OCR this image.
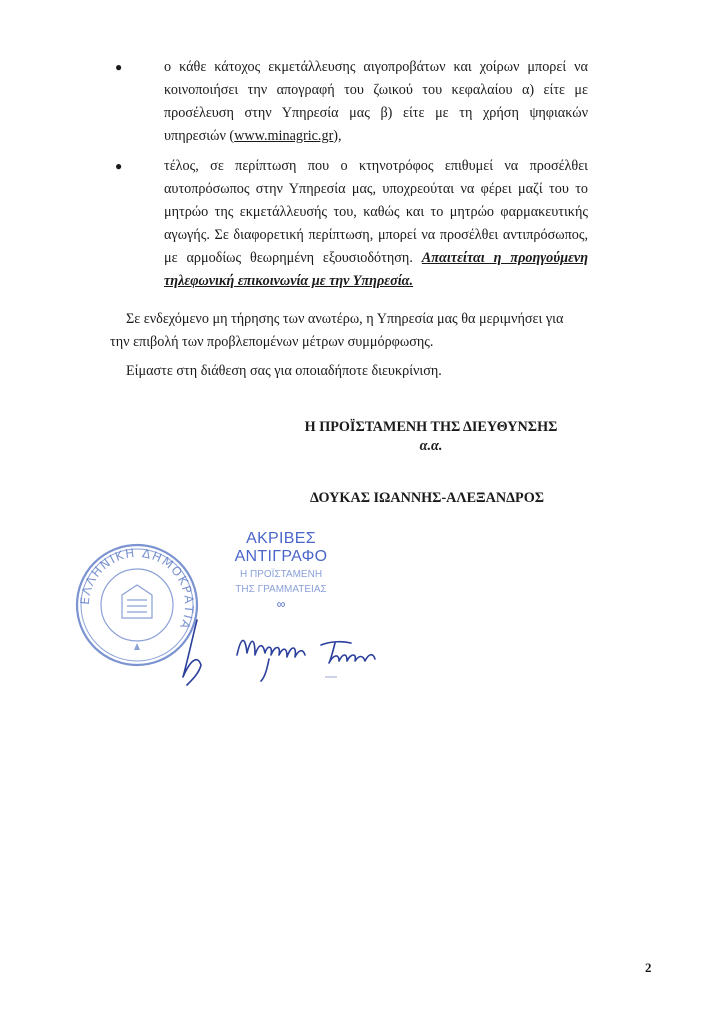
●	ο κάθε κάτοχος εκμετάλλευσης αιγοπροβάτων και χοίρων μπορεί να κοινοποιήσει την απογραφή του ζωικού του κεφαλαίου α) είτε με προσέλευση στην Υπηρεσία μας β) είτε με τη χρήση ψηφιακών υπηρεσιών (www.minagric.gr),

●	τέλος, σε περίπτωση που ο κτηνοτρόφος επιθυμεί να προσέλθει αυτοπρόσωπος στην Υπηρεσία μας, υποχρεούται να φέρει μαζί του το μητρώο της εκμετάλλευσής του, καθώς και το μητρώο φαρμακευτικής αγωγής. Σε διαφορετική περίπτωση, μπορεί να προσέλθει αντιπρόσωπος, με αρμοδίως θεωρημένη εξουσιοδότηση. Απαιτείται η προηγούμενη τηλεφωνική επικοινωνία με την Υπηρεσία.

Σε ενδεχόμενο μη τήρησης των ανωτέρω, η Υπηρεσία μας θα μεριμνήσει για την επιβολή των προβλεπομένων μέτρων συμμόρφωσης.

Είμαστε στη διάθεση σας για οποιαδήποτε διευκρίνιση.

Η ΠΡΟΪΣΤΑΜΕΝΗ ΤΗΣ ΔΙΕΥΘΥΝΣΗΣ
α.α.
ΔΟΥΚΑΣ ΙΩΑΝΝΗΣ-ΑΛΕΞΑΝΔΡΟΣ
ΕΛΛΗΝΙΚΗ ΔΗΜΟΚΡΑΤΙΑ
ΑΚΡΙΒΕΣ ΑΝΤΙΓΡΑΦΟ
Η ΠΡΟΪΣΤΑΜΕΝΗ
ΤΗΣ ΓΡΑΜΜΑΤΕΙΑΣ
∞
2
